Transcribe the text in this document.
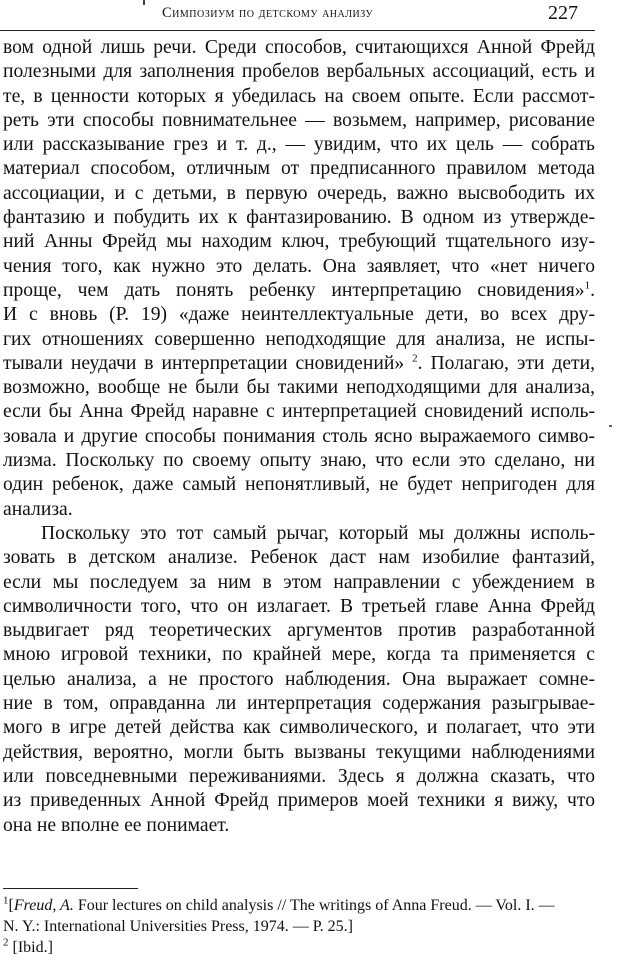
Симпозиум по детскому анализу	227
вом одной лишь речи. Среди способов, считающихся Анной Фрейд
полезными для заполнения пробелов вербальных ассоциаций, есть и
те, в ценности которых я убедилась на своем опыте. Если рассмот-
реть эти способы повнимательнее — возьмем, например, рисование
или рассказывание грез и т. д., — увидим, что их цель — собрать
материал способом, отличным от предписанного правилом метода
ассоциации, и с детьми, в первую очередь, важно высвободить их
фантазию и побудить их к фантазированию. В одном из утвержде-
ний Анны Фрейд мы находим ключ, требующий тщательного изу-
чения того, как нужно это делать. Она заявляет, что «нет ничего
проще, чем дать понять ребенку интерпретацию сновидения»$^1$.
И с вновь (Р. 19) «даже неинтеллектуальные дети, во всех дру-
гих отношениях совершенно неподходящие для анализа, не испы-
тывали неудачи в интерпретации сновидений» $^2$. Полагаю, эти дети,
возможно, вообще не были бы такими неподходящими для анализа,
если бы Анна Фрейд наравне с интерпретацией сновидений исполь-
зовала и другие способы понимания столь ясно выражаемого симво-
лизма. Поскольку по своему опыту знаю, что если это сделано, ни
один ребенок, даже самый непонятливый, не будет непригоден для
анализа.
Поскольку это тот самый рычаг, который мы должны исполь-
зовать в детском анализе. Ребенок даст нам изобилие фантазий,
если мы последуем за ним в этом направлении с убеждением в
символичности того, что он излагает. В третьей главе Анна Фрейд
выдвигает ряд теоретических аргументов против разработанной
мною игровой техники, по крайней мере, когда та применяется с
целью анализа, а не простого наблюдения. Она выражает сомне-
ние в том, оправданна ли интерпретация содержания разыгрывае-
мого в игре детей действа как символического, и полагает, что эти
действия, вероятно, могли быть вызваны текущими наблюдениями
или повседневными переживаниями. Здесь я должна сказать, что
из приведенных Анной Фрейд примеров моей техники я вижу, что
она не вполне ее понимает.
$^1$[Freud, A. Four lectures on child analysis // The writings of Anna Freud. — Vol. I. —
N. Y.: International Universities Press, 1974. — Р. 25.]
$^2$ [Ibid.]
